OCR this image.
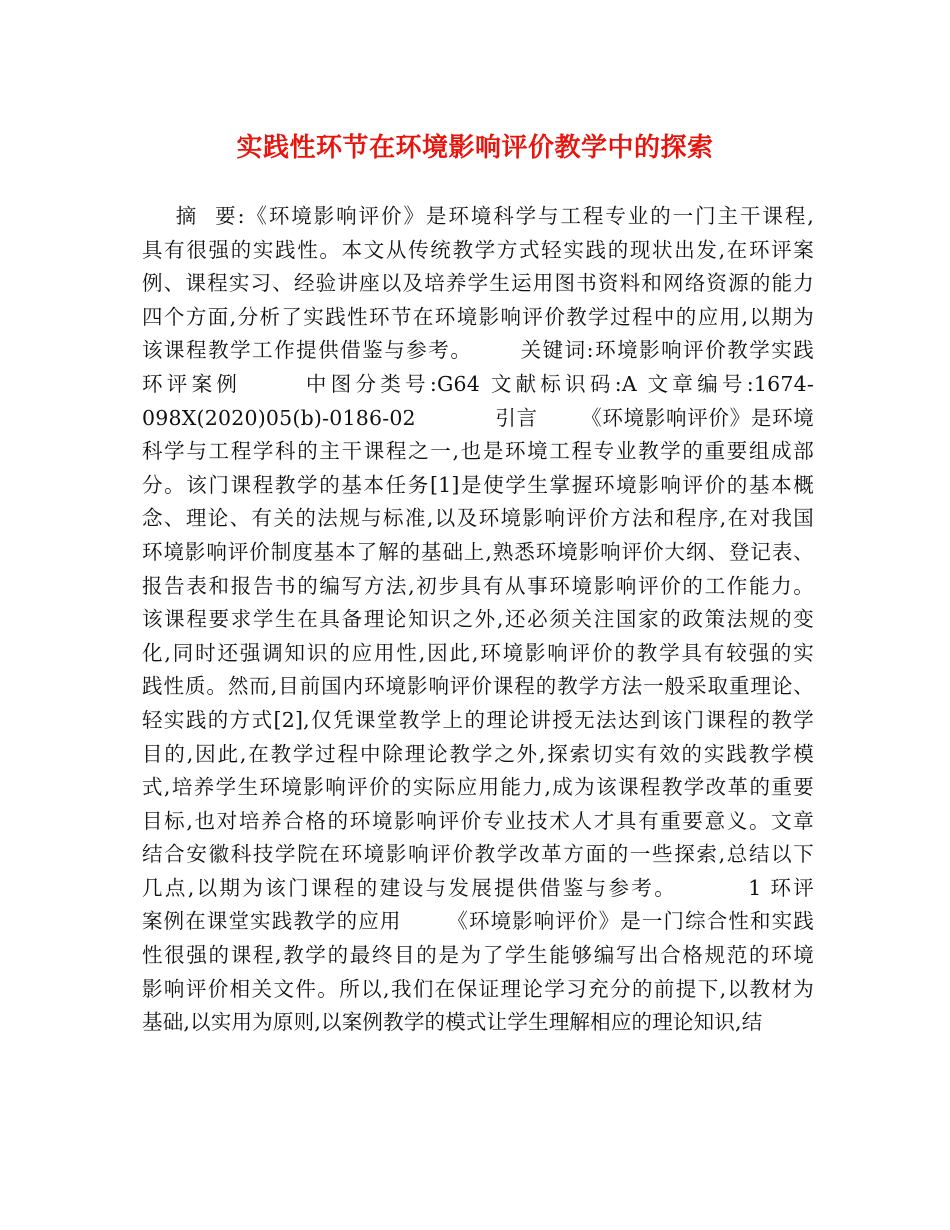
实践性环节在环境影响评价教学中的探索
摘  要:《环境影响评价》是环境科学与工程专业的一门主干课程,
具有很强的实践性。本文从传统教学方式轻实践的现状出发,在环评案
例、课程实习、经验讲座以及培养学生运用图书资料和网络资源的能力
四个方面,分析了实践性环节在环境影响评价教学过程中的应用,以期为
该课程教学工作提供借鉴与参考。      关键词:环境影响评价教学实践
环评案例      中图分类号:G64 文献标识码:A 文章编号:1674-
098X(2020)05(b)-0186-02           引言      《环境影响评价》是环境
科学与工程学科的主干课程之一,也是环境工程专业教学的重要组成部
分。该门课程教学的基本任务[1]是使学生掌握环境影响评价的基本概
念、理论、有关的法规与标准,以及环境影响评价方法和程序,在对我国
环境影响评价制度基本了解的基础上,熟悉环境影响评价大纲、登记表、
报告表和报告书的编写方法,初步具有从事环境影响评价的工作能力。
该课程要求学生在具备理论知识之外,还必须关注国家的政策法规的变
化,同时还强调知识的应用性,因此,环境影响评价的教学具有较强的实
践性质。然而,目前国内环境影响评价课程的教学方法一般采取重理论、
轻实践的方式[2],仅凭课堂教学上的理论讲授无法达到该门课程的教学
目的,因此,在教学过程中除理论教学之外,探索切实有效的实践教学模
式,培养学生环境影响评价的实际应用能力,成为该课程教学改革的重要
目标,也对培养合格的环境影响评价专业技术人才具有重要意义。文章
结合安徽科技学院在环境影响评价教学改革方面的一些探索,总结以下
几点,以期为该门课程的建设与发展提供借鉴与参考。        1 环评
案例在课堂实践教学的应用      《环境影响评价》是一门综合性和实践
性很强的课程,教学的最终目的是为了学生能够编写出合格规范的环境
影响评价相关文件。所以,我们在保证理论学习充分的前提下,以教材为
基础,以实用为原则,以案例教学的模式让学生理解相应的理论知识,结
